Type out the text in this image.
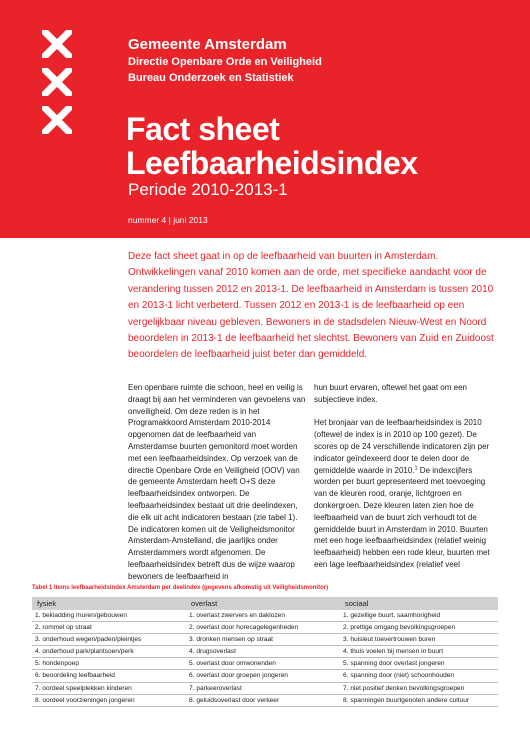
Gemeente Amsterdam
Directie Openbare Orde en Veiligheid
Bureau Onderzoek en Statistiek
Fact sheet
Leefbaarheidsindex
Periode 2010-2013-1
nummer 4 | juni 2013
Deze fact sheet gaat in op de leefbaarheid van buurten in Amsterdam. Ontwikkelingen vanaf 2010 komen aan de orde, met specifieke aandacht voor de verandering tussen 2012 en 2013-1. De leefbaarheid in Amsterdam is tussen 2010 en 2013-1 licht verbeterd. Tussen 2012 en 2013-1 is de leefbaarheid op een vergelijkbaar niveau gebleven. Bewoners in de stadsdelen Nieuw-West en Noord beoordelen in 2013-1 de leefbaarheid het slechtst. Bewoners van Zuid en Zuidoost beoordelen de leefbaarheid juist beter dan gemiddeld.

Een openbare ruimte die schoon, heel en veilig is draagt bij aan het verminderen van gevoelens van onveiligheid. Om deze reden is in het Programakkoord Amsterdam 2010-2014 opgenomen dat de leefbaarheid van Amsterdamse buurten gemonitord moet worden met een leefbaarheidsindex. Op verzoek van de directie Openbare Orde en Veiligheid (OOV) van de gemeente Amsterdam heeft O+S deze leefbaarheidsindex ontworpen. De leefbaarheidsindex bestaat uit drie deelindexen, die elk uit acht indicatoren bestaan (zie tabel 1). De indicatoren komen uit de Veiligheidsmonitor Amsterdam-Amstelland, die jaarlijks onder Amsterdammers wordt afgenomen. De leefbaarheidsindex betreft dus de wijze waarop bewoners de leefbaarheid in

hun buurt ervaren, oftewel het gaat om een subjectieve index.

Het bronjaar van de leefbaarheidsindex is 2010 (oftewel de index is in 2010 op 100 gezet). De scores op de 24 verschillende indicatoren zijn per indicator geïndexeerd door te delen door de gemiddelde waarde in 2010.$^1$ De indexcijfers worden per buurt gepresenteerd met toevoeging van de kleuren rood, oranje, lichtgroen en donkergroen. Deze kleuren laten zien hoe de leefbaarheid van de buurt zich verhoudt tot de gemiddelde buurt in Amsterdam in 2010. Buurten met een hoge leefbaarheidsindex (relatief weinig leefbaarheid) hebben een rode kleur, buurten met een lage leefbaarheidsindex (relatief veel

Tabel 1 Items leefbaarheidsindex Amsterdam per deelindex (gegevens afkomstig uit Veiligheidsmonitor)
fysiek	overlast	sociaal
1. bekladding muren/gebouwen	1. overlast zwervers en daklozen	1. gezellige buurt, saamhorigheid
2. rommel op straat	2. overlast door horecagelegenheden	2. prettige omgang bevolkingsgroepen
3. onderhoud wegen/paden/pleintjes	3. dronken mensen op straat	3. huisleut toevertrouwen buren
4. onderhoud park/plantsoen/perk	4. drugsoverlast	4. thuis voelen bij mensen in buurt
5. hondenpoep	5. overlast door omwonenden	5. spanning door overlast jongeren
6. beoordeling leefbaarheid	6. overlast door groepen jongeren	6. spanning door (niet) schoonhouden
7. oordeel speelplekken kinderen	7. parkeeroverlast	7. niet positief denken bevolkingsgroepen
8. oordeel voorzieningen jongeren	8. geluidsoverlast door verkeer	8. spanningen buurtgenoten andere cultuur
